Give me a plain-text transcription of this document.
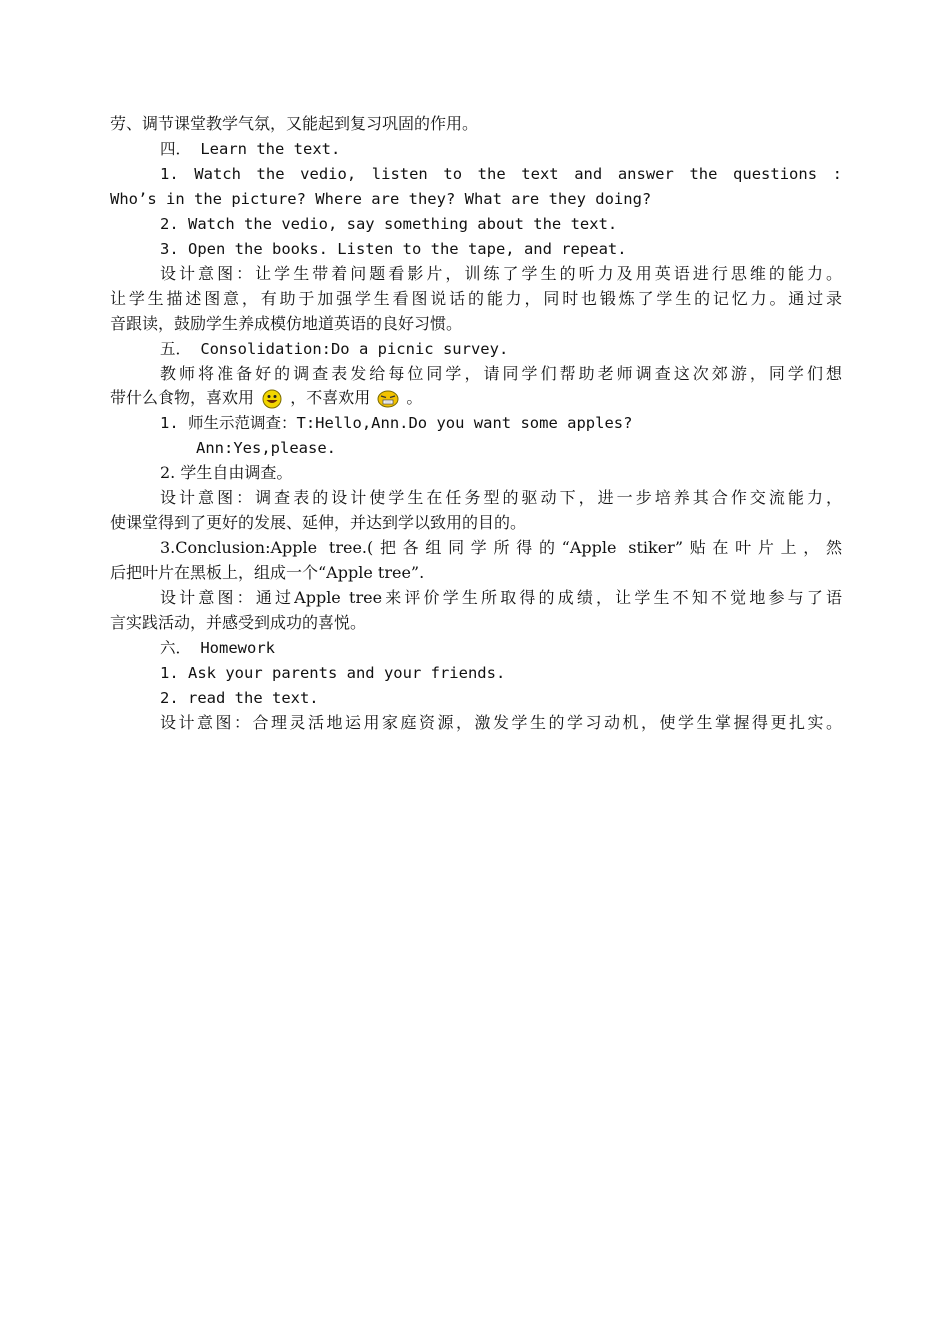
劳、调节课堂教学气氛，又能起到复习巩固的作用。
四． Learn the text.
1. Watch the vedio, listen to the text and answer the questions :
Who’s in the picture? Where are they? What are they doing?
2. Watch the vedio, say something about the text.
3. Open the books. Listen to the tape, and repeat.
设计意图：让学生带着问题看影片，训练了学生的听力及用英语进行思维的能力。
让学生描述图意，有助于加强学生看图说话的能力，同时也锻炼了学生的记忆力。通过录
音跟读，鼓励学生养成模仿地道英语的良好习惯。
五． Consolidation:Do a picnic survey.
教师将准备好的调查表发给每位同学，请同学们帮助老师调查这次郊游，同学们想
带什么食物，喜欢用 ，不喜欢用 。
1. 师生示范调查：T:Hello,Ann.Do you want some apples?
Ann:Yes,please.
2. 学生自由调查。
设计意图：调查表的设计使学生在任务型的驱动下，进一步培养其合作交流能力，
使课堂得到了更好的发展、延伸，并达到学以致用的目的。
3.Conclusion:Apple tree.(把各组同学所得的“Apple stiker”贴在叶片上，然
后把叶片在黑板上，组成一个“Apple tree”.
设计意图：通过Apple tree来评价学生所取得的成绩，让学生不知不觉地参与了语
言实践活动，并感受到成功的喜悦。
六． Homework
1. Ask your parents and your friends.
2. read the text.
设计意图：合理灵活地运用家庭资源，激发学生的学习动机，使学生掌握得更扎实。
